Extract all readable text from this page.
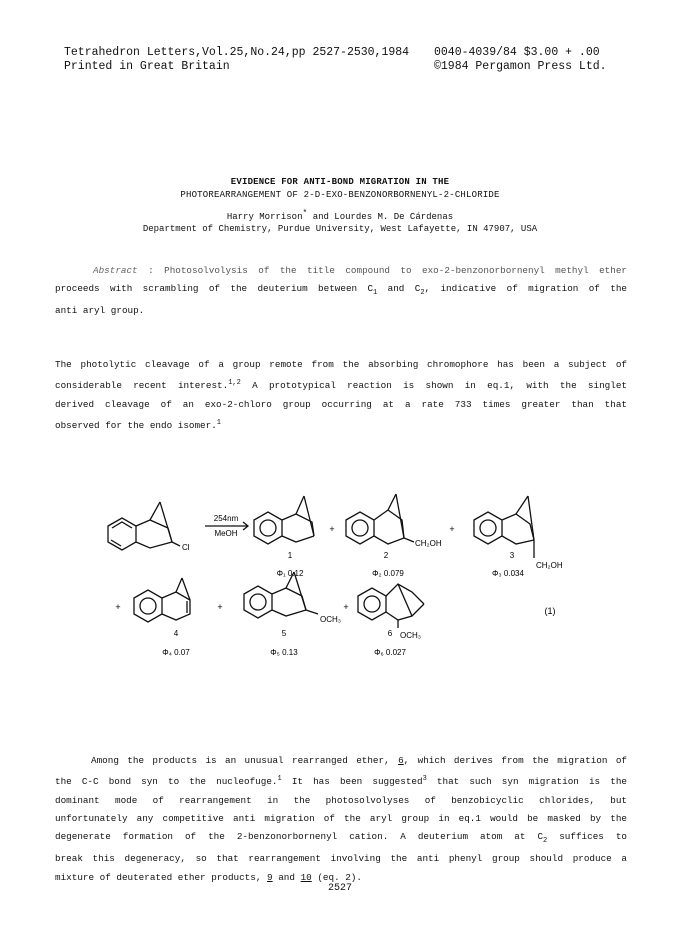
Tetrahedron Letters,Vol.25,No.24,pp 2527-2530,1984 0040-4039/84 $3.00 + .00
Printed in Great Britain	©1984 Pergamon Press Ltd.
EVIDENCE FOR ANTI-BOND MIGRATION IN THE
PHOTOREARRANGEMENT OF 2-D-EXO-BENZONORBORNENYL-2-CHLORIDE
Harry Morrison* and Lourdes M. De Cárdenas
Department of Chemistry, Purdue University, West Lafayette, IN 47907, USA
Abstract : Photosolvolysis of the title compound to exo-2-benzonorbornenyl methyl ether
proceeds with scrambling of the deuterium between $C_1$ and $C_2$, indicative of migration of the
anti aryl group.
The photolytic cleavage of a group remote from the absorbing chromophore has been a subject of
considerable recent interest.$^{1,2}$ A prototypical reaction is shown in eq.1, with the singlet
derived cleavage of an exo-2-chloro group occurring at a rate 733 times greater than that
observed for the endo isomer.$^1$
254nm
MeOH
Cl	CH₂OH
CH₂OH
OCH₃
OCH₃
+	+
+	+	+	(1)
1	2	3
4	5	6
Φ₁ 0.12	Φ₂ 0.079	Φ₃ 0.034
Φ₄ 0.07	Φ₅ 0.13	Φ₆ 0.027
Among the products is an unusual rearranged ether, 6, which derives from the migration of
the C-C bond syn to the nucleofuge.$^1$ It has been suggested$^3$ that such syn migration is the
dominant mode of rearrangement in the photosolvolyses of benzobicyclic chlorides, but
unfortunately any competitive anti migration of the aryl group in eq.1 would be masked by the
degenerate formation of the 2-benzonorbornenyl cation. A deuterium atom at $C_2$ suffices to
break this degeneracy, so that rearrangement involving the anti phenyl group should produce a
mixture of deuterated ether products, 9 and 10 (eq. 2).
2527
